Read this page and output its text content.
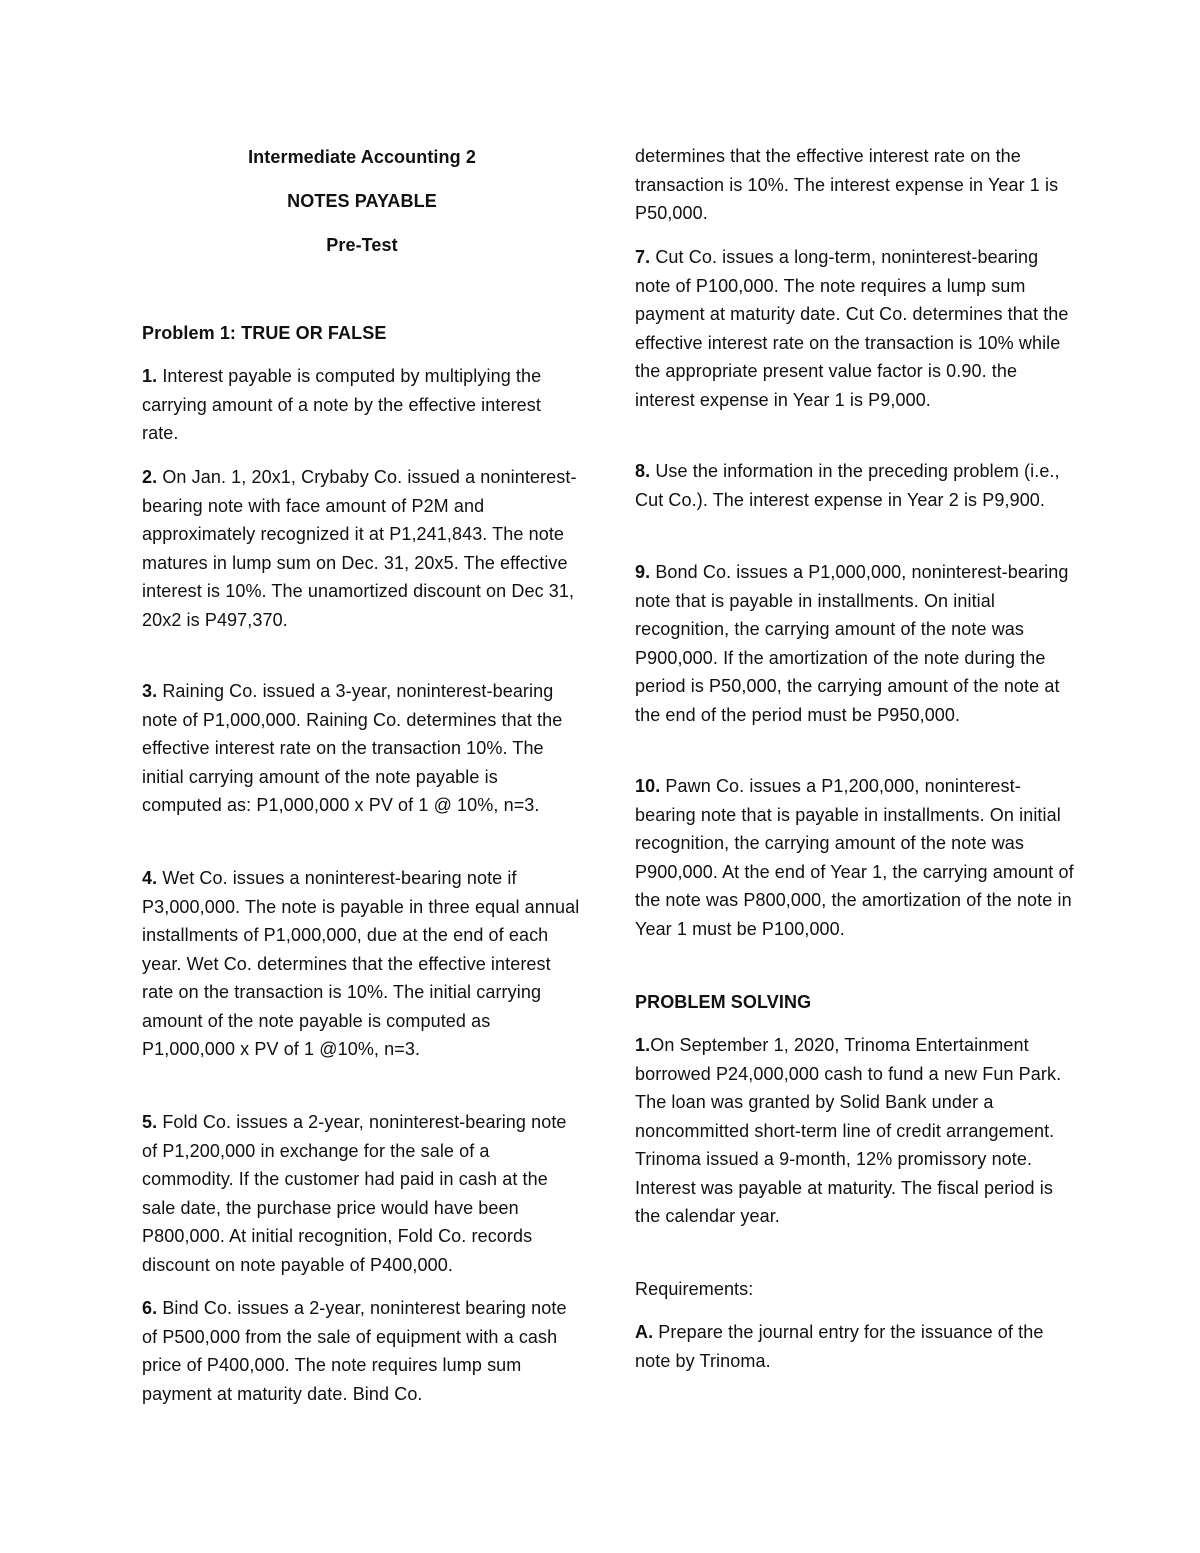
Intermediate Accounting 2
NOTES PAYABLE
Pre-Test
Problem 1: TRUE OR FALSE

1. Interest payable is computed by multiplying the carrying amount of a note by the effective interest rate.

2. On Jan. 1, 20x1, Crybaby Co. issued a noninterest-bearing note with face amount of P2M and approximately recognized it at P1,241,843. The note matures in lump sum on Dec. 31, 20x5. The effective interest is 10%. The unamortized discount on Dec 31, 20x2 is P497,370.

3. Raining Co. issued a 3-year, noninterest-bearing note of P1,000,000. Raining Co. determines that the effective interest rate on the transaction 10%. The initial carrying amount of the note payable is computed as: P1,000,000 x PV of 1 @ 10%, n=3.

4. Wet Co. issues a noninterest-bearing note if P3,000,000. The note is payable in three equal annual installments of P1,000,000, due at the end of each year. Wet Co. determines that the effective interest rate on the transaction is 10%. The initial carrying amount of the note payable is computed as P1,000,000 x PV of 1 @10%, n=3.

5. Fold Co. issues a 2-year, noninterest-bearing note of P1,200,000 in exchange for the sale of a commodity. If the customer had paid in cash at the sale date, the purchase price would have been P800,000. At initial recognition, Fold Co. records discount on note payable of P400,000.

6. Bind Co. issues a 2-year, noninterest bearing note of P500,000 from the sale of equipment with a cash price of P400,000. The note requires lump sum payment at maturity date. Bind Co.

determines that the effective interest rate on the transaction is 10%. The interest expense in Year 1 is P50,000.

7. Cut Co. issues a long-term, noninterest-bearing note of P100,000. The note requires a lump sum payment at maturity date. Cut Co. determines that the effective interest rate on the transaction is 10% while the appropriate present value factor is 0.90. the interest expense in Year 1 is P9,000.

8. Use the information in the preceding problem (i.e., Cut Co.). The interest expense in Year 2 is P9,900.

9. Bond Co. issues a P1,000,000, noninterest-bearing note that is payable in installments. On initial recognition, the carrying amount of the note was P900,000. If the amortization of the note during the period is P50,000, the carrying amount of the note at the end of the period must be P950,000.

10. Pawn Co. issues a P1,200,000, noninterest-bearing note that is payable in installments. On initial recognition, the carrying amount of the note was P900,000. At the end of Year 1, the carrying amount of the note was P800,000, the amortization of the note in Year 1 must be P100,000.

PROBLEM SOLVING

1.On September 1, 2020, Trinoma Entertainment borrowed P24,000,000 cash to fund a new Fun Park. The loan was granted by Solid Bank under a noncommitted short-term line of credit arrangement. Trinoma issued a 9-month, 12% promissory note. Interest was payable at maturity. The fiscal period is the calendar year.

Requirements:

A. Prepare the journal entry for the issuance of the note by Trinoma.
